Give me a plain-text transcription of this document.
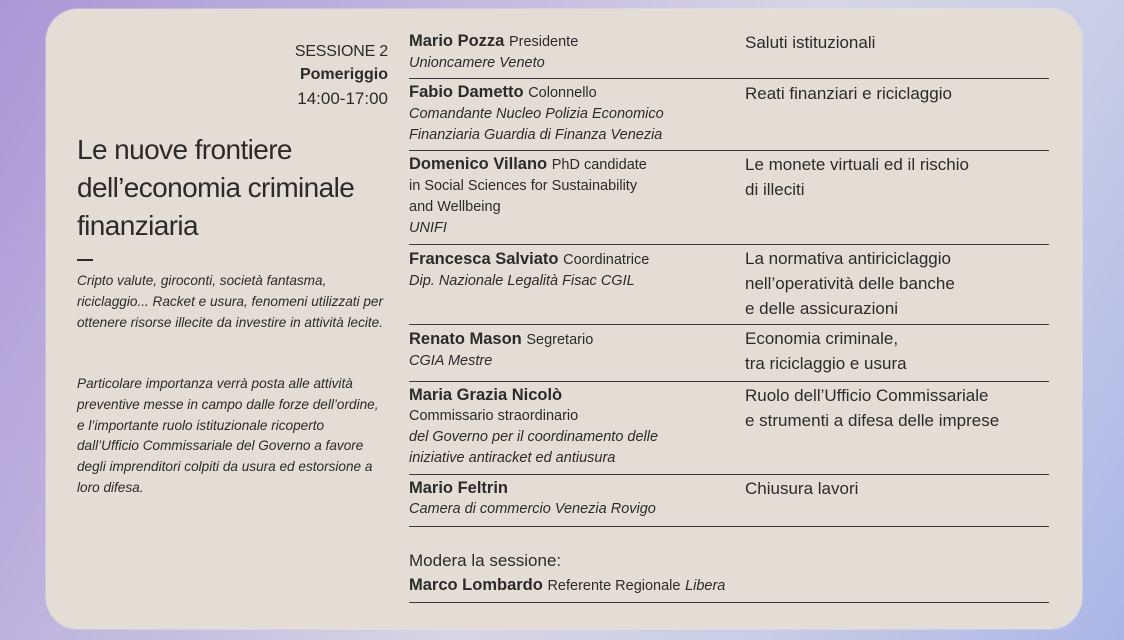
SESSIONE 2
Pomeriggio
14:00-17:00
Le nuove frontiere dell’economia criminale finanziaria

Cripto valute, giroconti, società fantasma, riciclaggio... Racket e usura, fenomeni utilizzati per ottenere risorse illecite da investire in attività lecite.

Particolare importanza verrà posta alle attività preventive messe in campo dalle forze dell’ordine, e l’importante ruolo istituzionale ricoperto dall’Ufficio Commissariale del Governo a favore degli imprenditori colpiti da usura ed estorsione a loro difesa.

Mario Pozza Presidente
Unioncamere Veneto
Saluti istituzionali
Fabio Dametto Colonnello
Comandante Nucleo Polizia Economico
Finanziaria Guardia di Finanza Venezia
Reati finanziari e riciclaggio
Domenico Villano PhD candidate
in Social Sciences for Sustainability
and Wellbeing
UNIFI
Le monete virtuali ed il rischio
di illeciti
Francesca Salviato Coordinatrice
Dip. Nazionale Legalità Fisac CGIL
La normativa antiriciclaggio
nell’operatività delle banche
e delle assicurazioni
Renato Mason Segretario
CGIA Mestre
Economia criminale,
tra riciclaggio e usura
Maria Grazia Nicolò
Commissario straordinario
del Governo per il coordinamento delle
iniziative antiracket ed antiusura
Ruolo dell’Ufficio Commissariale
e strumenti a difesa delle imprese
Mario Feltrin
Camera di commercio Venezia Rovigo
Chiusura lavori
Modera la sessione:
Marco Lombardo Referente Regionale Libera
